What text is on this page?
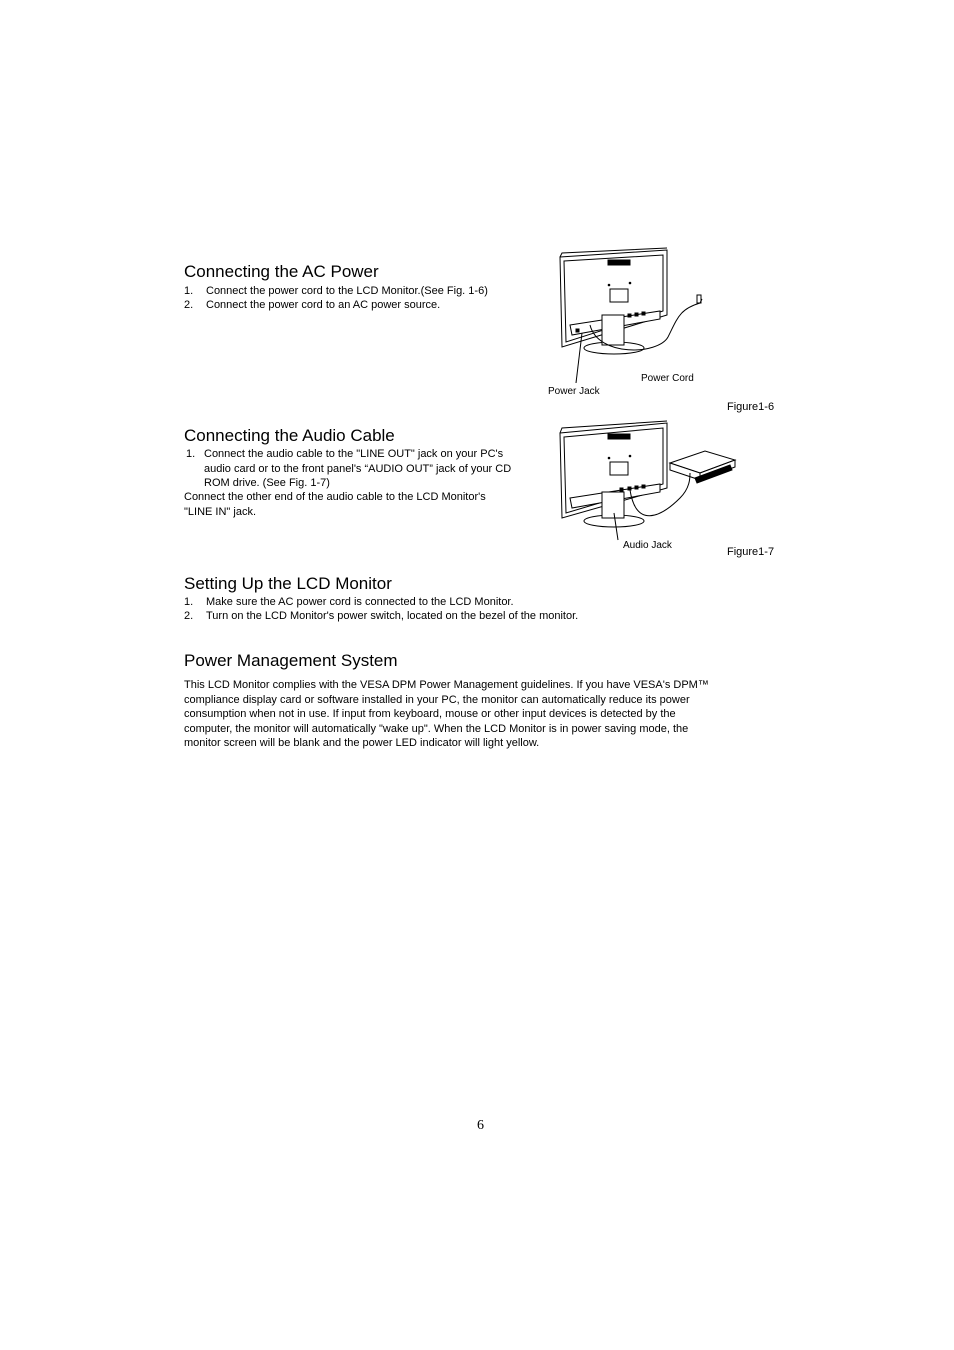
Connecting the AC Power
1. Connect the power cord to the LCD Monitor.(See Fig. 1-6)
2. Connect the power cord to an AC power source.
Power Cord
Power Jack
Figure1-6
Connecting the Audio Cable
1. Connect the audio cable to the "LINE OUT" jack on your PC's
audio card or to the front panel's “AUDIO OUT” jack of your CD
ROM drive. (See Fig. 1-7)
Connect the other end of the audio cable to the LCD Monitor's
"LINE IN" jack.
Audio Jack
Figure1-7
Setting Up the LCD Monitor
1. Make sure the AC power cord is connected to the LCD Monitor.
2. Turn on the LCD Monitor's power switch, located on the bezel of the monitor.
Power Management System
This LCD Monitor complies with the VESA DPM Power Management guidelines. If you have VESA's DPM™
compliance display card or software installed in your PC, the monitor can automatically reduce its power
consumption when not in use. If input from keyboard, mouse or other input devices is detected by the
computer, the monitor will automatically "wake up". When the LCD Monitor is in power saving mode, the
monitor screen will be blank and the power LED indicator will light yellow.
6
